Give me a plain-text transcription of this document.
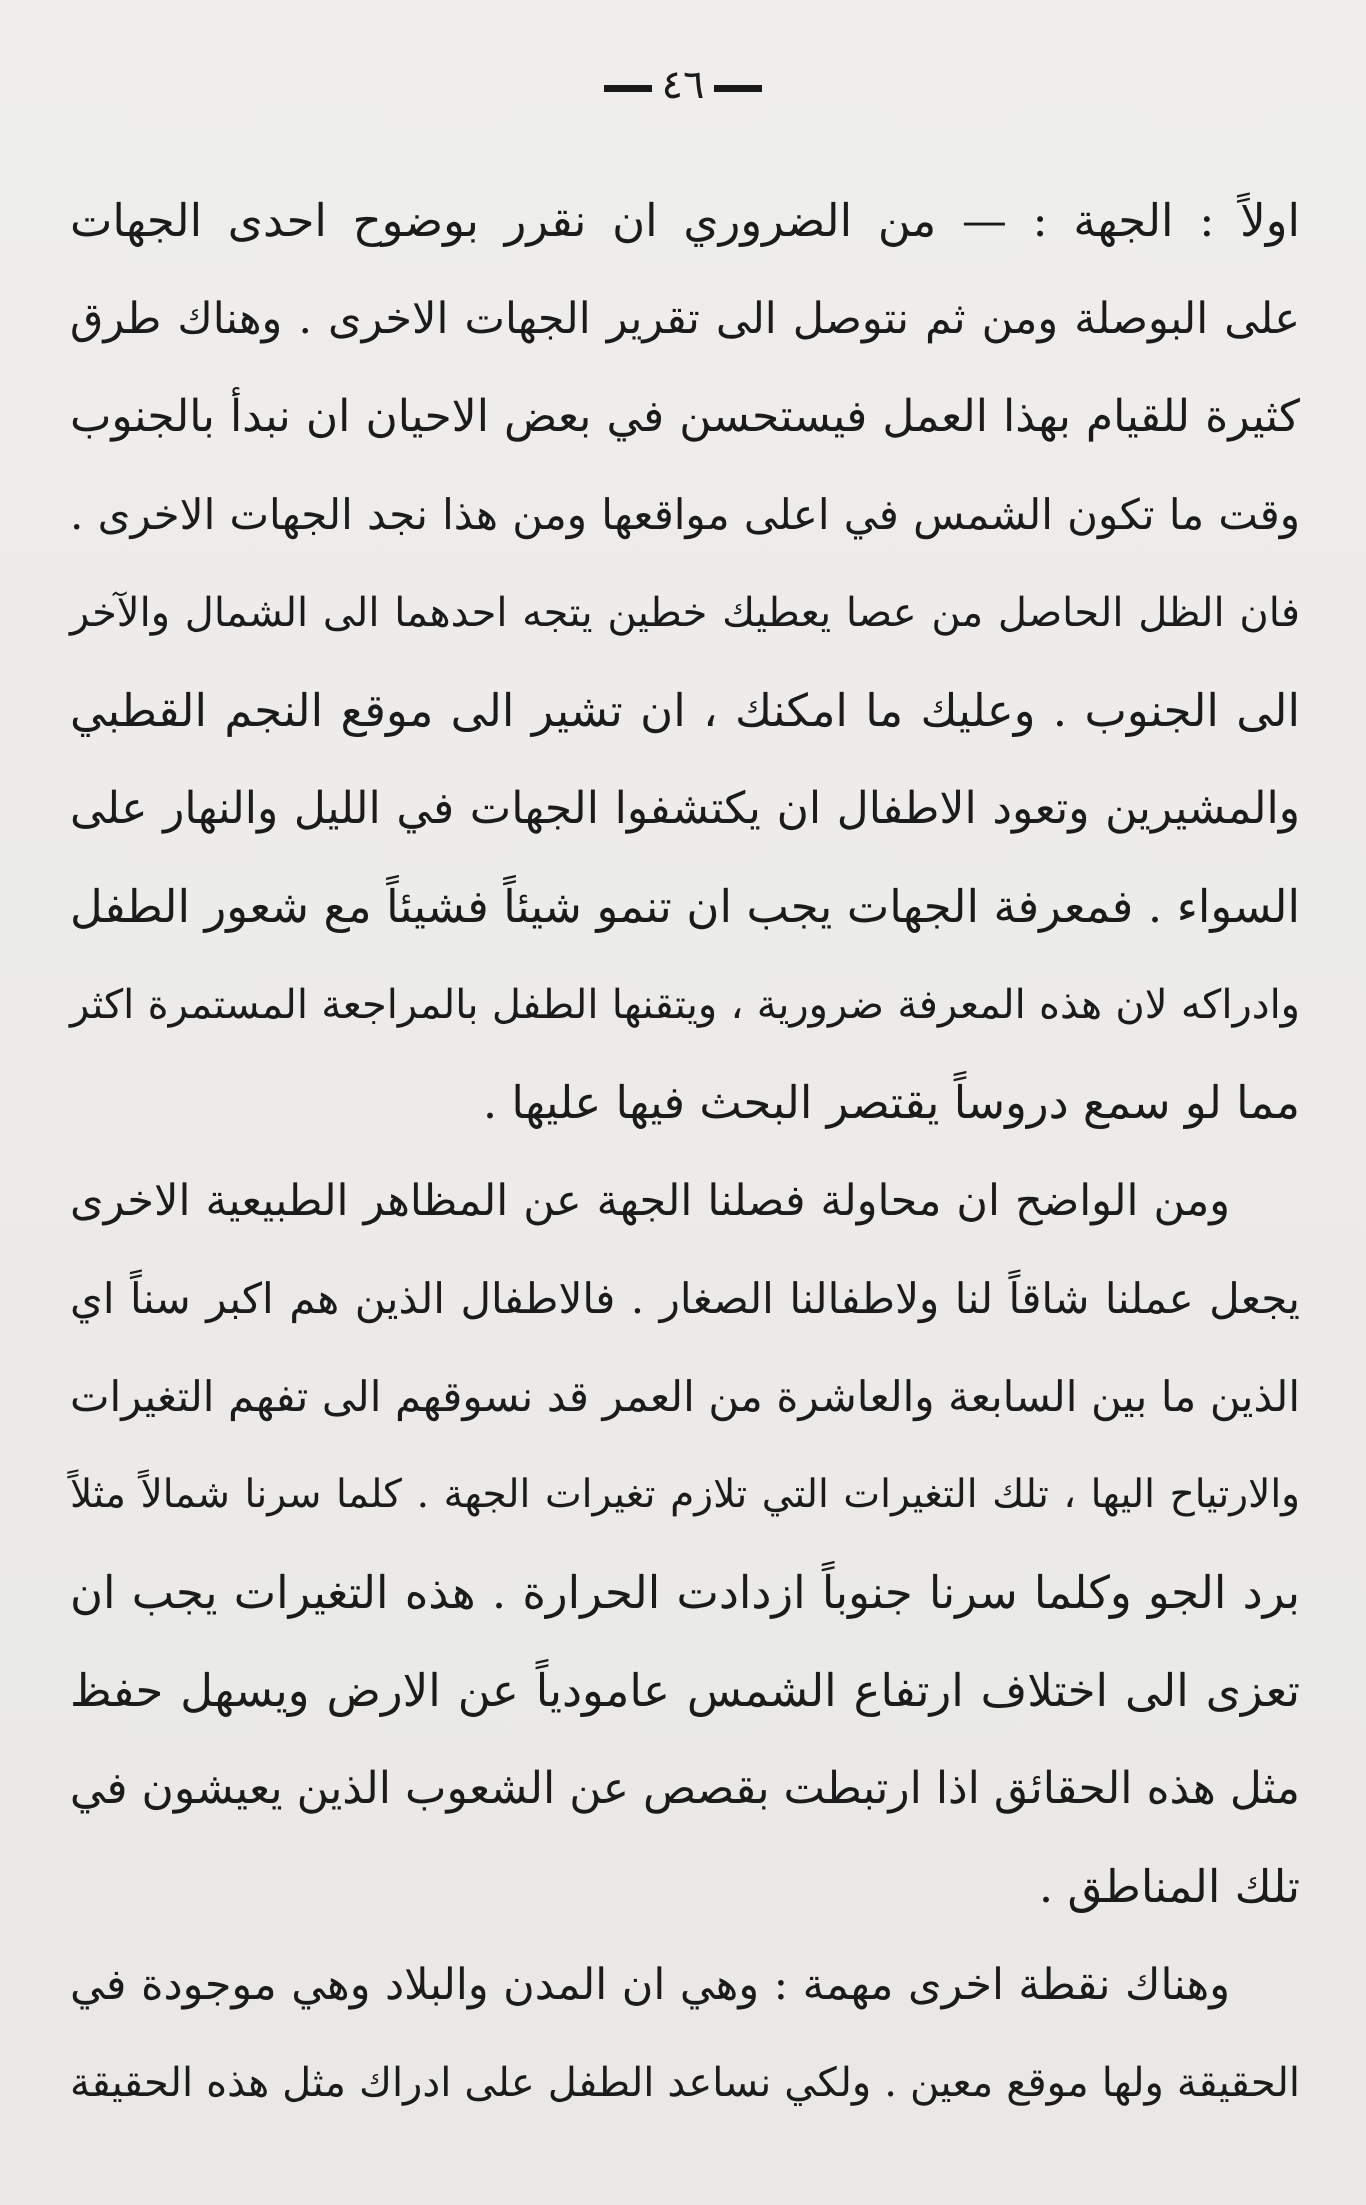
٤٦
اولاً : الجهة : — من الضروري ان نقرر بوضوح احدى الجهات
على البوصلة ومن ثم نتوصل الى تقرير الجهات الاخرى . وهناك طرق
كثيرة للقيام بهذا العمل فيستحسن في بعض الاحيان ان نبدأ بالجنوب
وقت ما تكون الشمس في اعلى مواقعها ومن هذا نجد الجهات الاخرى .
فان الظل الحاصل من عصا يعطيك خطين يتجه احدهما الى الشمال والآخر
الى الجنوب . وعليك ما امكنك ، ان تشير الى موقع النجم القطبي
والمشيرين وتعود الاطفال ان يكتشفوا الجهات في الليل والنهار على
السواء . فمعرفة الجهات يجب ان تنمو شيئاً فشيئاً مع شعور الطفل
وادراكه لان هذه المعرفة ضرورية ، ويتقنها الطفل بالمراجعة المستمرة اكثر
مما لو سمع دروساً يقتصر البحث فيها عليها .
ومن الواضح ان محاولة فصلنا الجهة عن المظاهر الطبيعية الاخرى
يجعل عملنا شاقاً لنا ولاطفالنا الصغار . فالاطفال الذين هم اكبر سناً اي
الذين ما بين السابعة والعاشرة من العمر قد نسوقهم الى تفهم التغيرات
والارتياح اليها ، تلك التغيرات التي تلازم تغيرات الجهة . كلما سرنا شمالاً مثلاً
برد الجو وكلما سرنا جنوباً ازدادت الحرارة . هذه التغيرات يجب ان
تعزى الى اختلاف ارتفاع الشمس عامودياً عن الارض ويسهل حفظ
مثل هذه الحقائق اذا ارتبطت بقصص عن الشعوب الذين يعيشون في
تلك المناطق .
وهناك نقطة اخرى مهمة : وهي ان المدن والبلاد وهي موجودة في
الحقيقة ولها موقع معين . ولكي نساعد الطفل على ادراك مثل هذه الحقيقة
